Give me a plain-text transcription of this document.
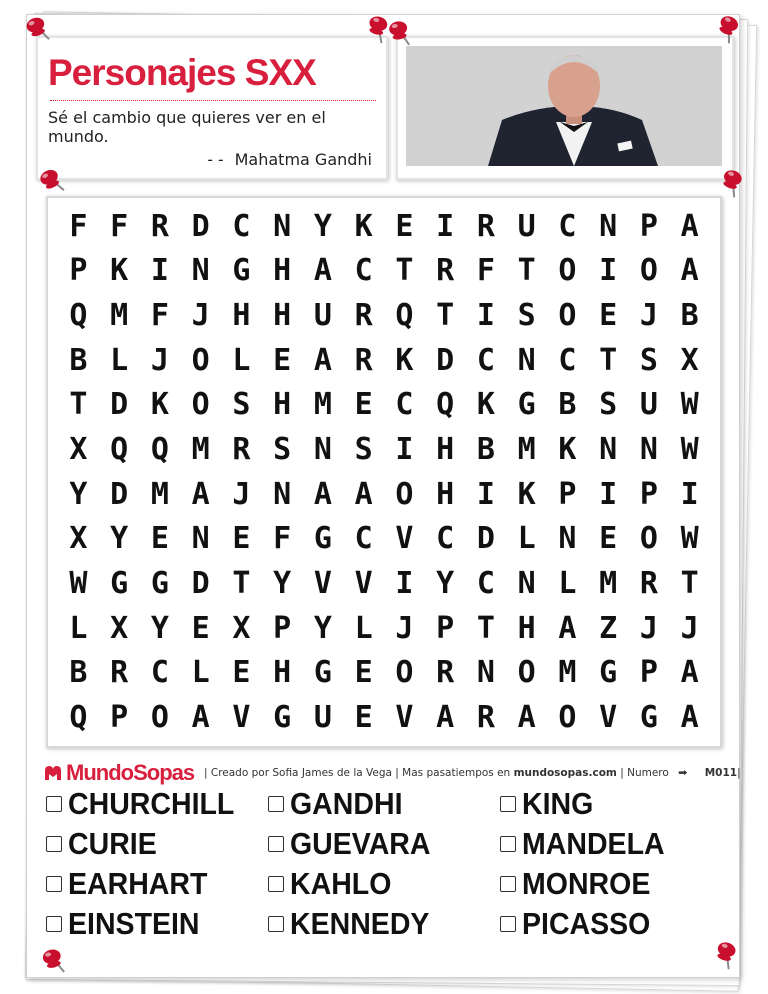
Personajes SXX

Sé el cambio que quieres ver en el mundo.

-- Mahatma Gandhi
F F R D C N Y K E I R U C N P A
P K I N G H A C T R F T O I O A
Q M F J H H U R Q T I S O E J B
B L J O L E A R K D C N C T S X
T D K O S H M E C Q K G B S U W
X Q Q M R S N S I H B M K N N W
Y D M A J N A A O H I K P I P I
X Y E N E F G C V C D L N E O W
W G G D T Y V V I Y C N L M R T
L X Y E X P Y L J P T H A Z J J
B R C L E H G E O R N O M G P A
Q P O A V G U E V A R A O V G A
MundoSopas | Creado por Sofia James de la Vega | Mas pasatiempos en mundosopas.com | Numero ➡ M011|
CHURCHILL
CURIE
EARHART
EINSTEIN
GANDHI
GUEVARA
KAHLO
KENNEDY
KING
MANDELA
MONROE
PICASSO
